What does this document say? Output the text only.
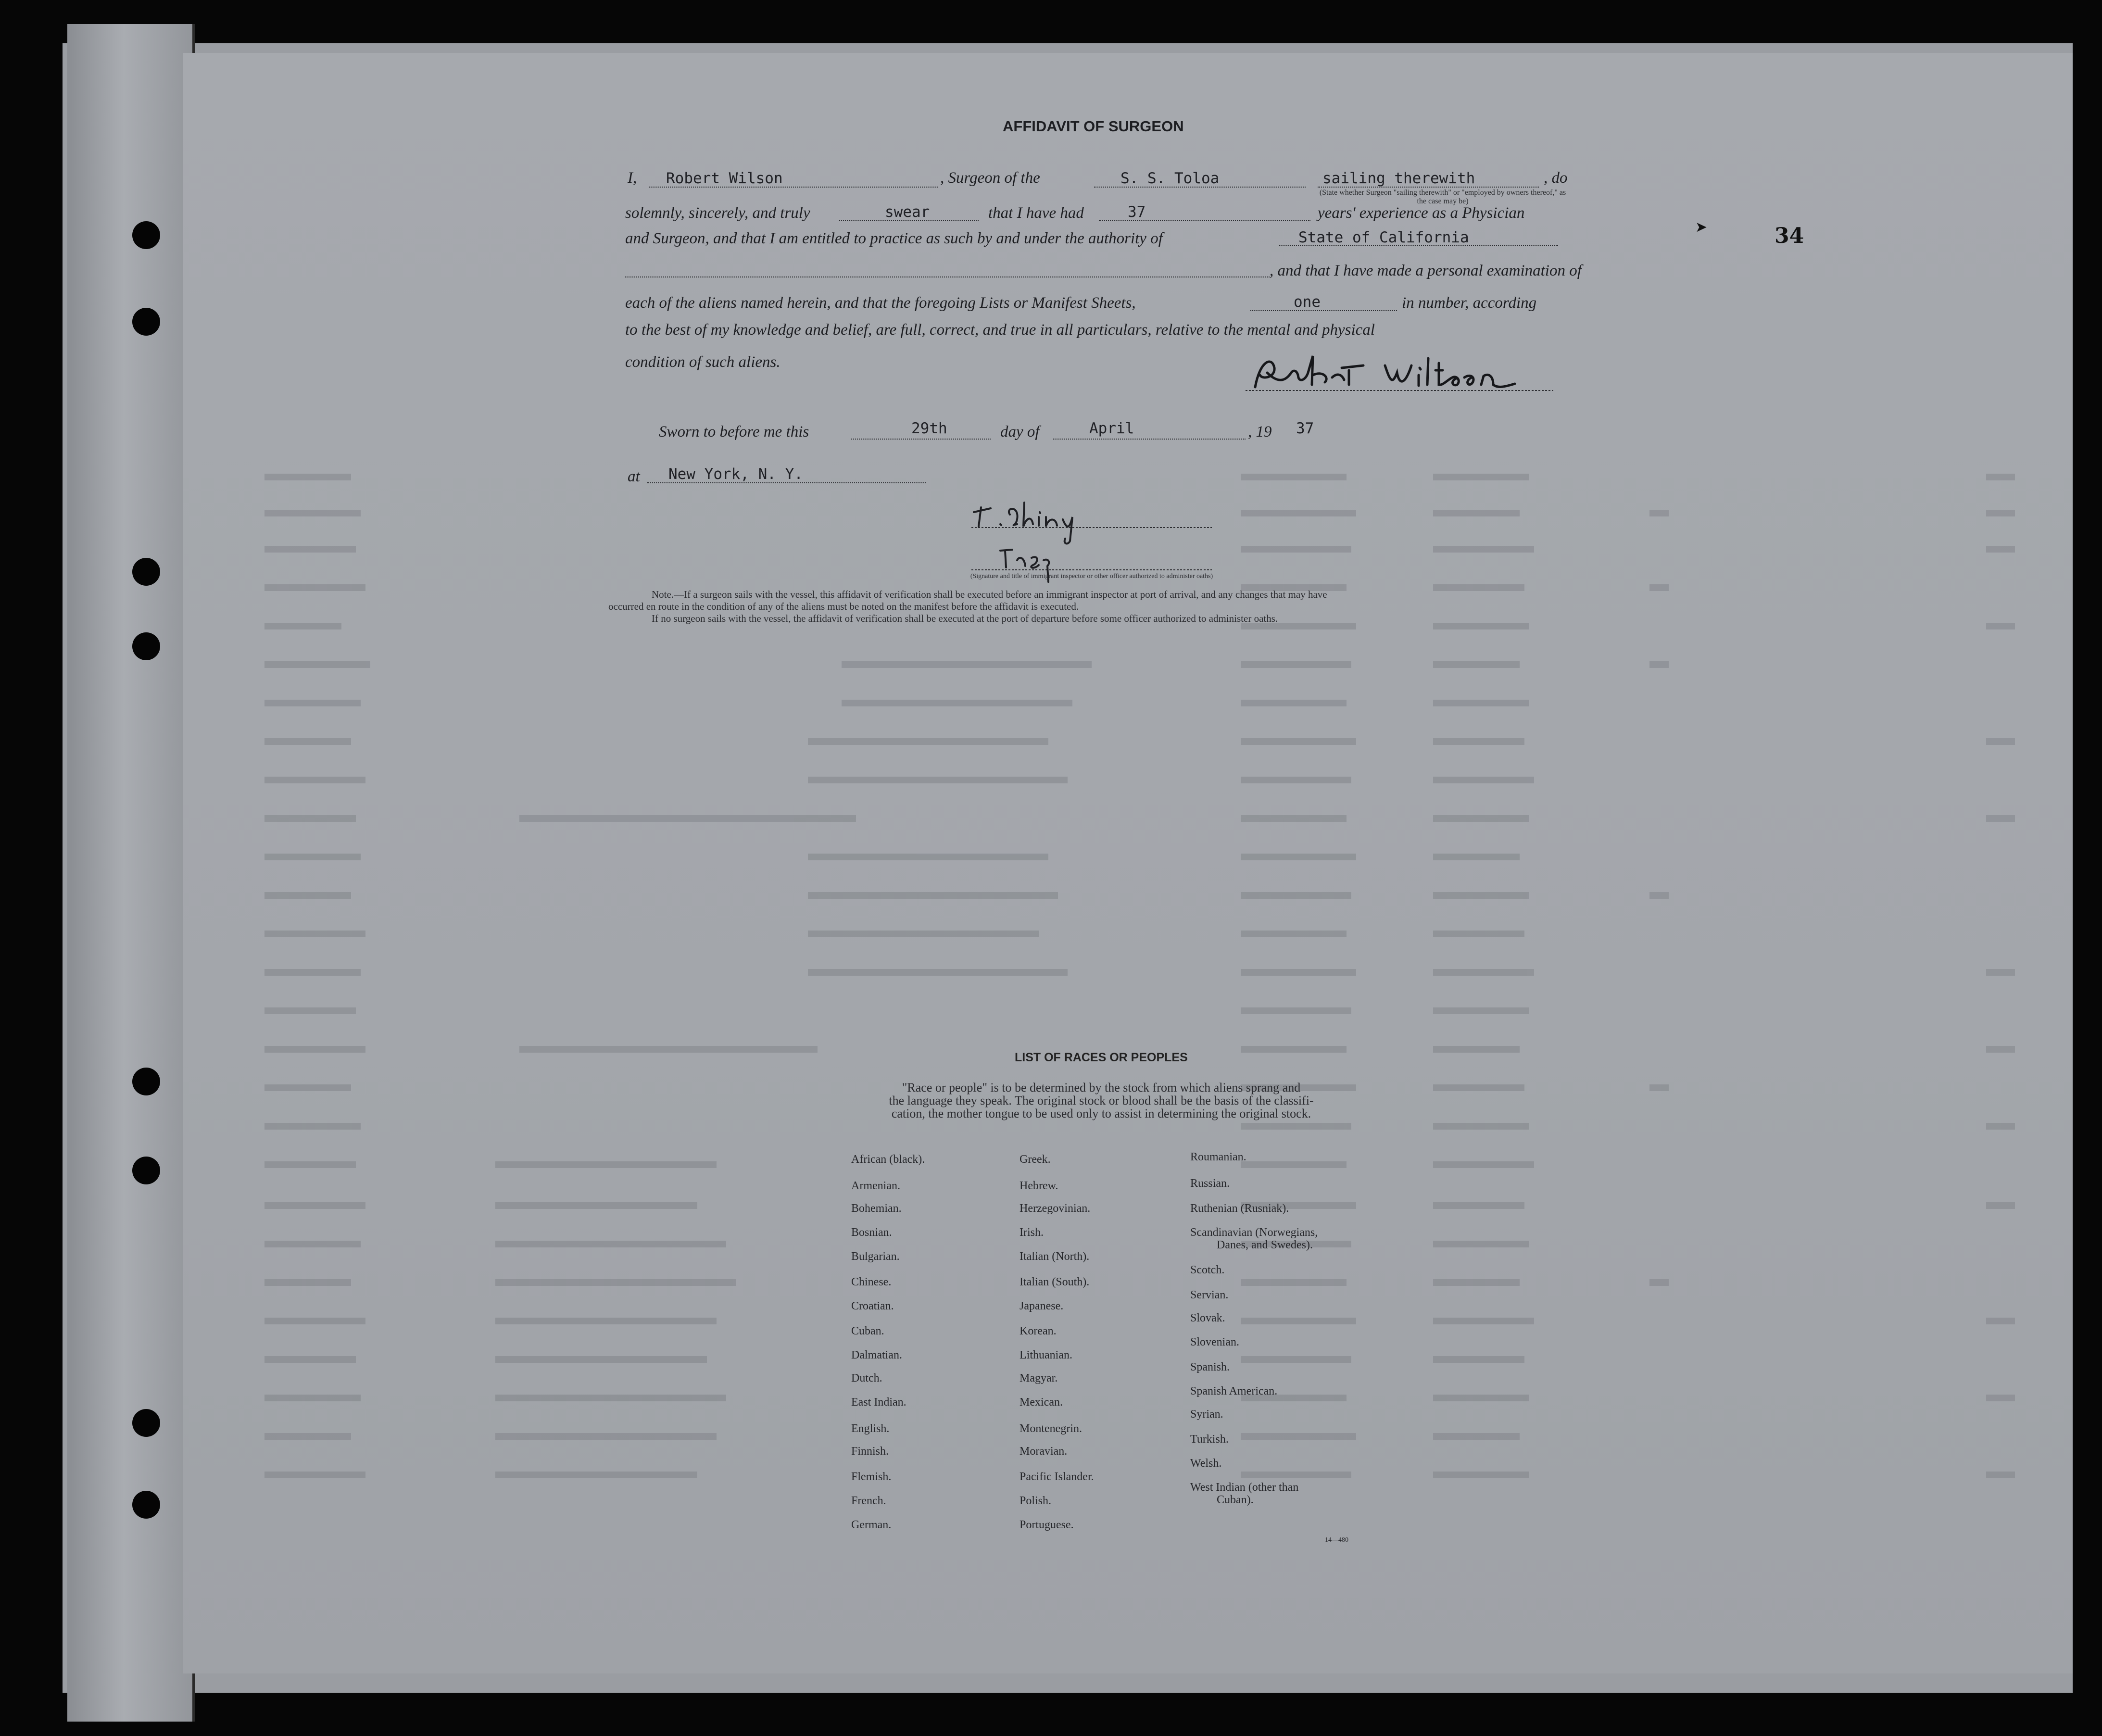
AFFIDAVIT OF SURGEON
I, Robert Wilson	, Surgeon of the	S. S. Toloa	sailing therewith	, do
(State whether Surgeon "sailing therewith" or "employed by owners thereof," as the case may be)
solemnly, sincerely, and truly	swear	that I have had	37	years' experience as a Physician
and Surgeon, and that I am entitled to practice as such by and under the authority of	State of California
, and that I have made a personal examination of
each of the aliens named herein, and that the foregoing Lists or Manifest Sheets,	one	in number, according
to the best of my knowledge and belief, are full, correct, and true in all particulars, relative to the mental and physical
condition of such aliens.
Sworn to before me this	29th	day of	April	, 19 37
at New York, N. Y.
(Signature and title of immigrant inspector or other officer authorized to administer oaths)
Note.—If a surgeon sails with the vessel, this affidavit of verification shall be executed before an immigrant inspector at port of arrival, and any changes that may have
occurred en route in the condition of any of the aliens must be noted on the manifest before the affidavit is executed.
If no surgeon sails with the vessel, the affidavit of verification shall be executed at the port of departure before some officer authorized to administer oaths.
➤	34
LIST OF RACES OR PEOPLES
"Race or people" is to be determined by the stock from which aliens sprang and
the language they speak. The original stock or blood shall be the basis of the classifi-
cation, the mother tongue to be used only to assist in determining the original stock.
African (black).
Armenian.
Bohemian.
Bosnian.
Bulgarian.
Chinese.
Croatian.
Cuban.
Dalmatian.
Dutch.
East Indian.
English.
Finnish.
Flemish.
French.
German.
Greek.
Hebrew.
Herzegovinian.
Irish.
Italian (North).
Italian (South).
Japanese.
Korean.
Lithuanian.
Magyar.
Mexican.
Montenegrin.
Moravian.
Pacific Islander.
Polish.
Portuguese.
Roumanian.
Russian.
Ruthenian (Rusniak).
Scandinavian (Norwegians,
Danes, and Swedes).
Scotch.
Servian.
Slovak.
Slovenian.
Spanish.
Spanish American.
Syrian.
Turkish.
Welsh.
West Indian (other than
Cuban).
14—480
